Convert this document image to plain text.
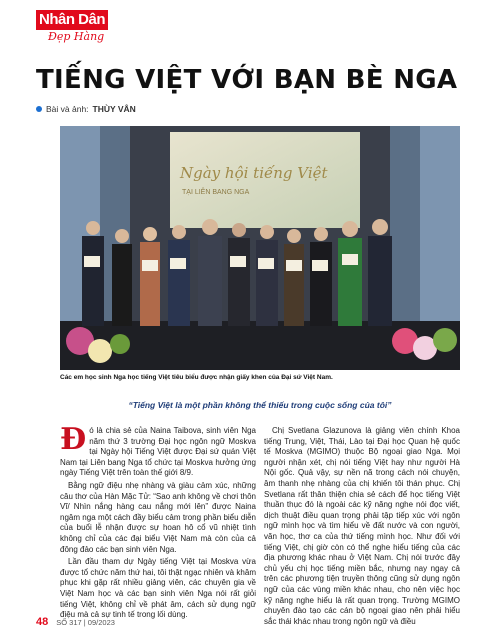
Nhân Dân
Đẹp Hàng
TIẾNG VIỆT VỚI BẠN BÈ NGA
Bài và ảnh: THÙY VÂN
Ngày hội tiếng Việt
TẠI LIÊN BANG NGA
Các em học sinh Nga học tiếng Việt tiêu biểu được nhận giấy khen của Đại sứ Việt Nam.
“Tiếng Việt là một phần không thể thiếu trong cuộc sống của tôi”
Đ ó là chia sẻ của Naina Taibova, sinh viên Nga năm thứ 3 trường Đại học ngôn ngữ Moskva tại Ngày hội Tiếng Việt được Đại sứ quán Việt Nam tại Liên bang Nga tổ chức tại Moskva hưởng ứng ngày Tiếng Việt trên toàn thế giới 8/9.

Bằng ngữ điệu nhẹ nhàng và giàu cảm xúc, những câu thơ của Hàn Mặc Tử: “Sao anh không về chơi thôn Vĩ/ Nhìn nắng hàng cau nắng mới lên” được Naina ngâm nga một cách đầy biểu cảm trong phần biểu diễn của buổi lễ nhận được sự hoan hô cổ vũ nhiệt tình không chỉ của các đại biểu Việt Nam mà còn của cả đông đảo các bạn sinh viên Nga.

Lần đầu tham dự Ngày tiếng Việt tại Moskva vừa được tổ chức năm thứ hai, tôi thật ngạc nhiên và khâm phục khi gặp rất nhiều giảng viên, các chuyên gia về Việt Nam học và các bạn sinh viên Nga nói rất giỏi tiếng Việt, không chỉ về phát âm, cách sử dụng ngữ điệu mà cả sự tinh tế trong lối dùng.

Chị Svetlana Glazunova là giảng viên chính Khoa tiếng Trung, Việt, Thái, Lào tại Đại học Quan hệ quốc tế Moskva (MGIMO) thuộc Bộ ngoại giao Nga. Mọi người nhận xét, chị nói tiếng Việt hay như người Hà Nội gốc. Quả vậy, sự nền nã trong cách nói chuyện, âm thanh nhẹ nhàng của chị khiến tôi thán phục. Chị Svetlana rất thân thiện chia sẻ cách để học tiếng Việt thuần thục đó là ngoài các kỹ năng nghe nói đọc viết, dịch thuật điều quan trọng phải tập tiếp xúc với ngôn ngữ mình học và tìm hiểu về đất nước và con người, văn học, thơ ca của thứ tiếng mình học. Như đối với tiếng Việt, chị giờ còn có thể nghe hiểu tiếng của các địa phương khác nhau ở Việt Nam. Chị nói trước đây chủ yếu chị học tiếng miền bắc, nhưng nay ngay cả trên các phương tiện truyền thông cũng sử dụng ngôn ngữ của các vùng miền khác nhau, cho nên việc học kỹ năng nghe hiểu là rất quan trọng. Trường MGIMO chuyên đào tạo các cán bộ ngoại giao nên phải hiểu sắc thái khác nhau trong ngôn ngữ và điều

48 SỐ 317 | 09/2023
